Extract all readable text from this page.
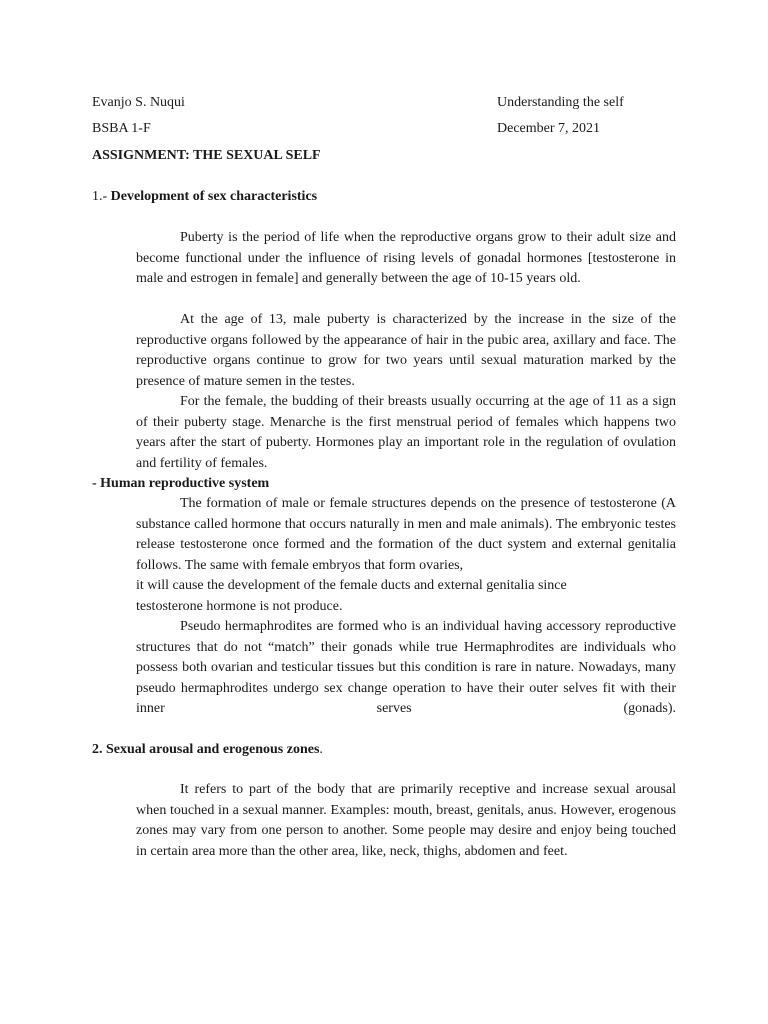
Evanjo S. Nuqui	Understanding the self
BSBA 1-F	December 7, 2021
ASSIGNMENT: THE SEXUAL SELF
1.- Development of sex characteristics

Puberty is the period of life when the reproductive organs grow to their adult size and become functional under the influence of rising levels of gonadal hormones [testosterone in male and estrogen in female] and generally between the age of 10-15 years old.

At the age of 13, male puberty is characterized by the increase in the size of the reproductive organs followed by the appearance of hair in the pubic area, axillary and face. The reproductive organs continue to grow for two years until sexual maturation marked by the presence of mature semen in the testes.

For the female, the budding of their breasts usually occurring at the age of 11 as a sign of their puberty stage. Menarche is the first menstrual period of females which happens two years after the start of puberty. Hormones play an important role in the regulation of ovulation and fertility of females.

- Human reproductive system

The formation of male or female structures depends on the presence of testosterone (A substance called hormone that occurs naturally in men and male animals). The embryonic testes release testosterone once formed and the formation of the duct system and external genitalia follows. The same with female embryos that form ovaries,

it will cause the development of the female ducts and external genitalia since

testosterone hormone is not produce.

Pseudo hermaphrodites are formed who is an individual having accessory reproductive structures that do not “match” their gonads while true Hermaphrodites are individuals who possess both ovarian and testicular tissues but this condition is rare in nature. Nowadays, many pseudo hermaphrodites undergo sex change operation to have their outer selves fit with their inner serves (gonads).

2. Sexual arousal and erogenous zones.

It refers to part of the body that are primarily receptive and increase sexual arousal when touched in a sexual manner. Examples: mouth, breast, genitals, anus. However, erogenous zones may vary from one person to another. Some people may desire and enjoy being touched in certain area more than the other area, like, neck, thighs, abdomen and feet.
